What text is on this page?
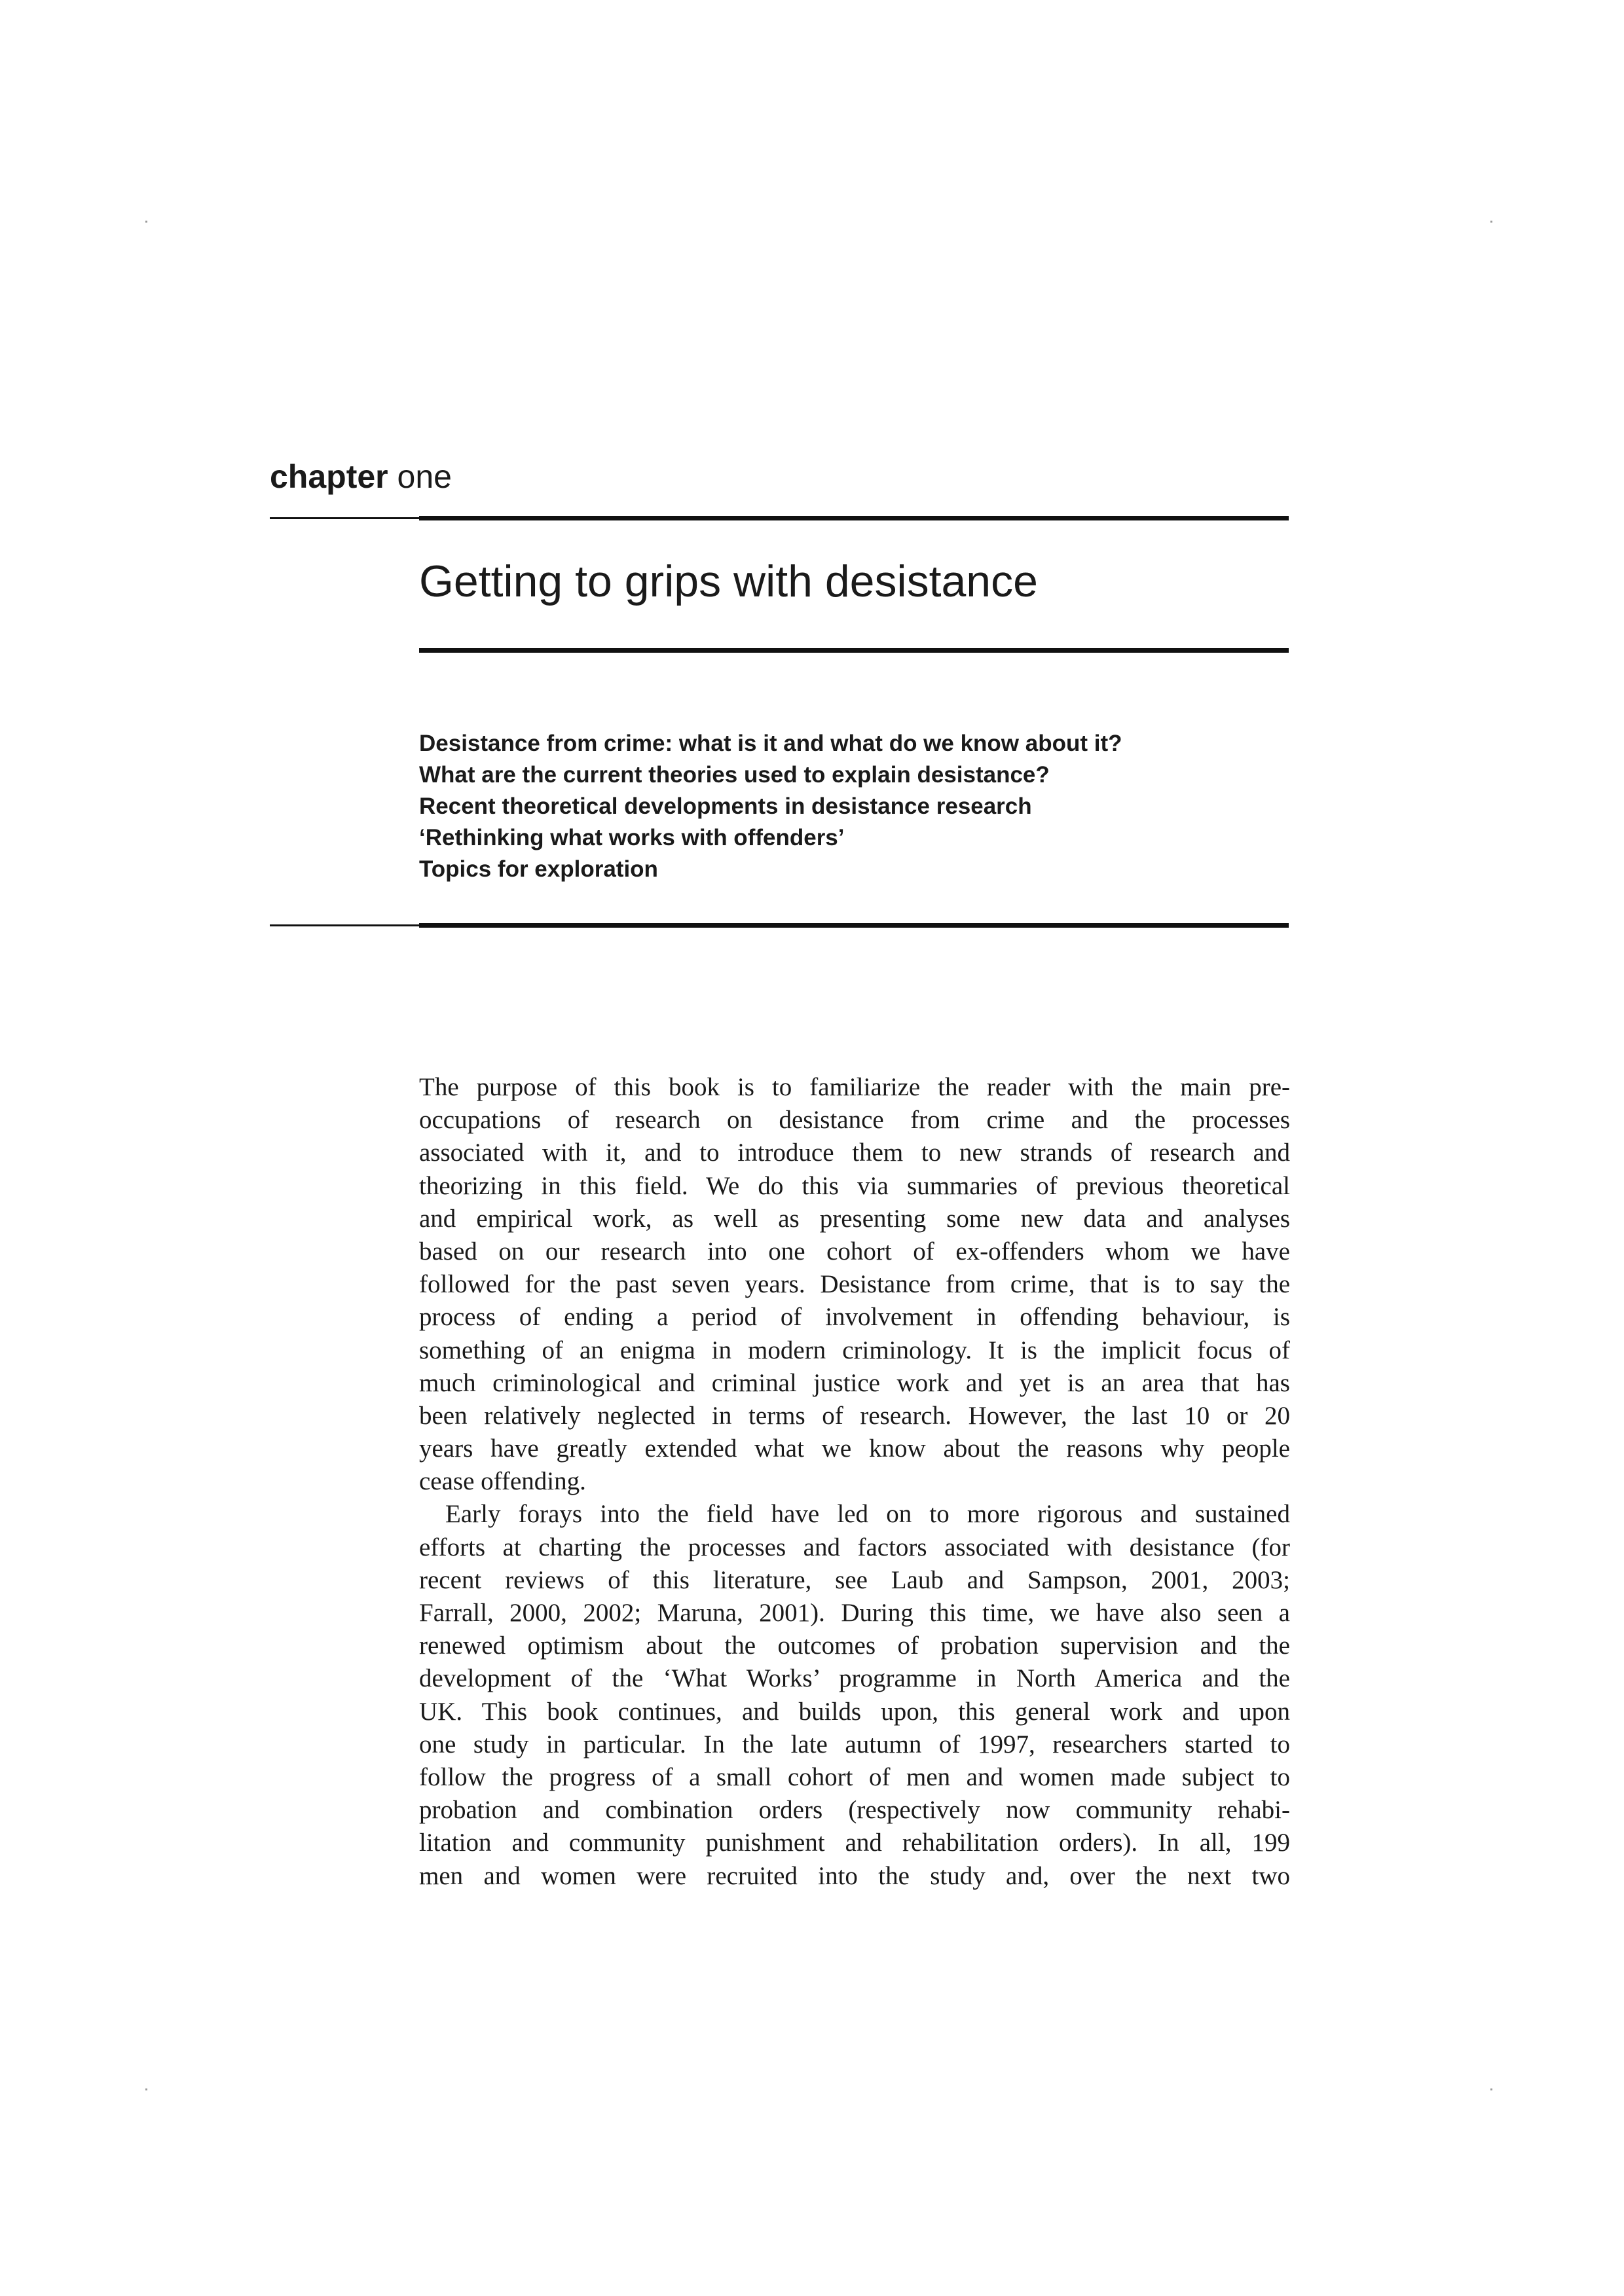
chapter one
Getting to grips with desistance
Desistance from crime: what is it and what do we know about it?
What are the current theories used to explain desistance?
Recent theoretical developments in desistance research
‘Rethinking what works with offenders’
Topics for exploration
The purpose of this book is to familiarize the reader with the main pre-
occupations of research on desistance from crime and the processes
associated with it, and to introduce them to new strands of research and
theorizing in this field. We do this via summaries of previous theoretical
and empirical work, as well as presenting some new data and analyses
based on our research into one cohort of ex-offenders whom we have
followed for the past seven years. Desistance from crime, that is to say the
process of ending a period of involvement in offending behaviour, is
something of an enigma in modern criminology. It is the implicit focus of
much criminological and criminal justice work and yet is an area that has
been relatively neglected in terms of research. However, the last 10 or 20
years have greatly extended what we know about the reasons why people
cease offending.
Early forays into the field have led on to more rigorous and sustained
efforts at charting the processes and factors associated with desistance (for
recent reviews of this literature, see Laub and Sampson, 2001, 2003;
Farrall, 2000, 2002; Maruna, 2001). During this time, we have also seen a
renewed optimism about the outcomes of probation supervision and the
development of the ‘What Works’ programme in North America and the
UK. This book continues, and builds upon, this general work and upon
one study in particular. In the late autumn of 1997, researchers started to
follow the progress of a small cohort of men and women made subject to
probation and combination orders (respectively now community rehabi-
litation and community punishment and rehabilitation orders). In all, 199
men and women were recruited into the study and, over the next two
